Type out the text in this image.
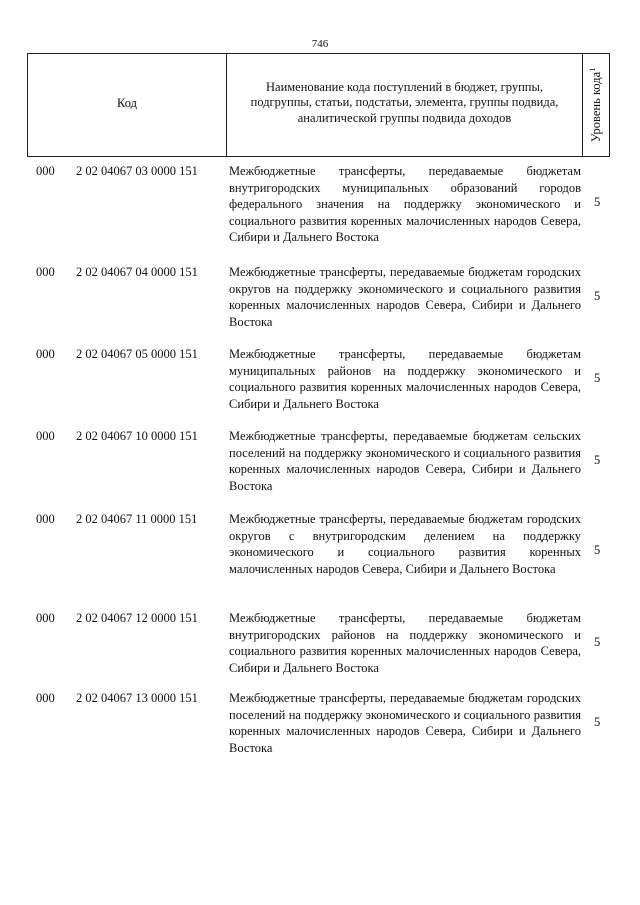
746
Код
Наименование кода поступлений в бюджет, группы, подгруппы, статьи, подстатьи, элемента, группы подвида, аналитической группы подвида доходов	Уровень кода$^1$
000 2 02 04067 03 0000 151 Межбюджетные трансферты, передаваемые бюджетам внутригородских муниципальных образований городов федерального значения на поддержку экономического и социального развития коренных малочисленных народов Севера, Сибири и Дальнего Востока
5
000 2 02 04067 04 0000 151 Межбюджетные трансферты, передаваемые бюджетам городских округов на поддержку экономического и социального развития коренных малочисленных народов Севера, Сибири и Дальнего Востока
5
000 2 02 04067 05 0000 151 Межбюджетные трансферты, передаваемые бюджетам муниципальных районов на поддержку экономического и социального развития коренных малочисленных народов Севера, Сибири и Дальнего Востока
5
000 2 02 04067 10 0000 151 Межбюджетные трансферты, передаваемые бюджетам сельских поселений на поддержку экономического и социального развития коренных малочисленных народов Севера, Сибири и Дальнего Востока
5
000 2 02 04067 11 0000 151	Межбюджетные трансферты, передаваемые бюджетам городских округов с внутригородским делением на поддержку экономического и социального развития коренных малочисленных народов Севера, Сибири и Дальнего Востока
5
000 2 02 04067 12 0000 151 Межбюджетные трансферты, передаваемые бюджетам внутригородских районов на поддержку экономического и социального развития коренных малочисленных народов Севера, Сибири и Дальнего Востока
5
000 2 02 04067 13 0000 151 Межбюджетные трансферты, передаваемые бюджетам городских поселений на поддержку экономического и социального развития коренных малочисленных народов Севера, Сибири и Дальнего Востока
5
